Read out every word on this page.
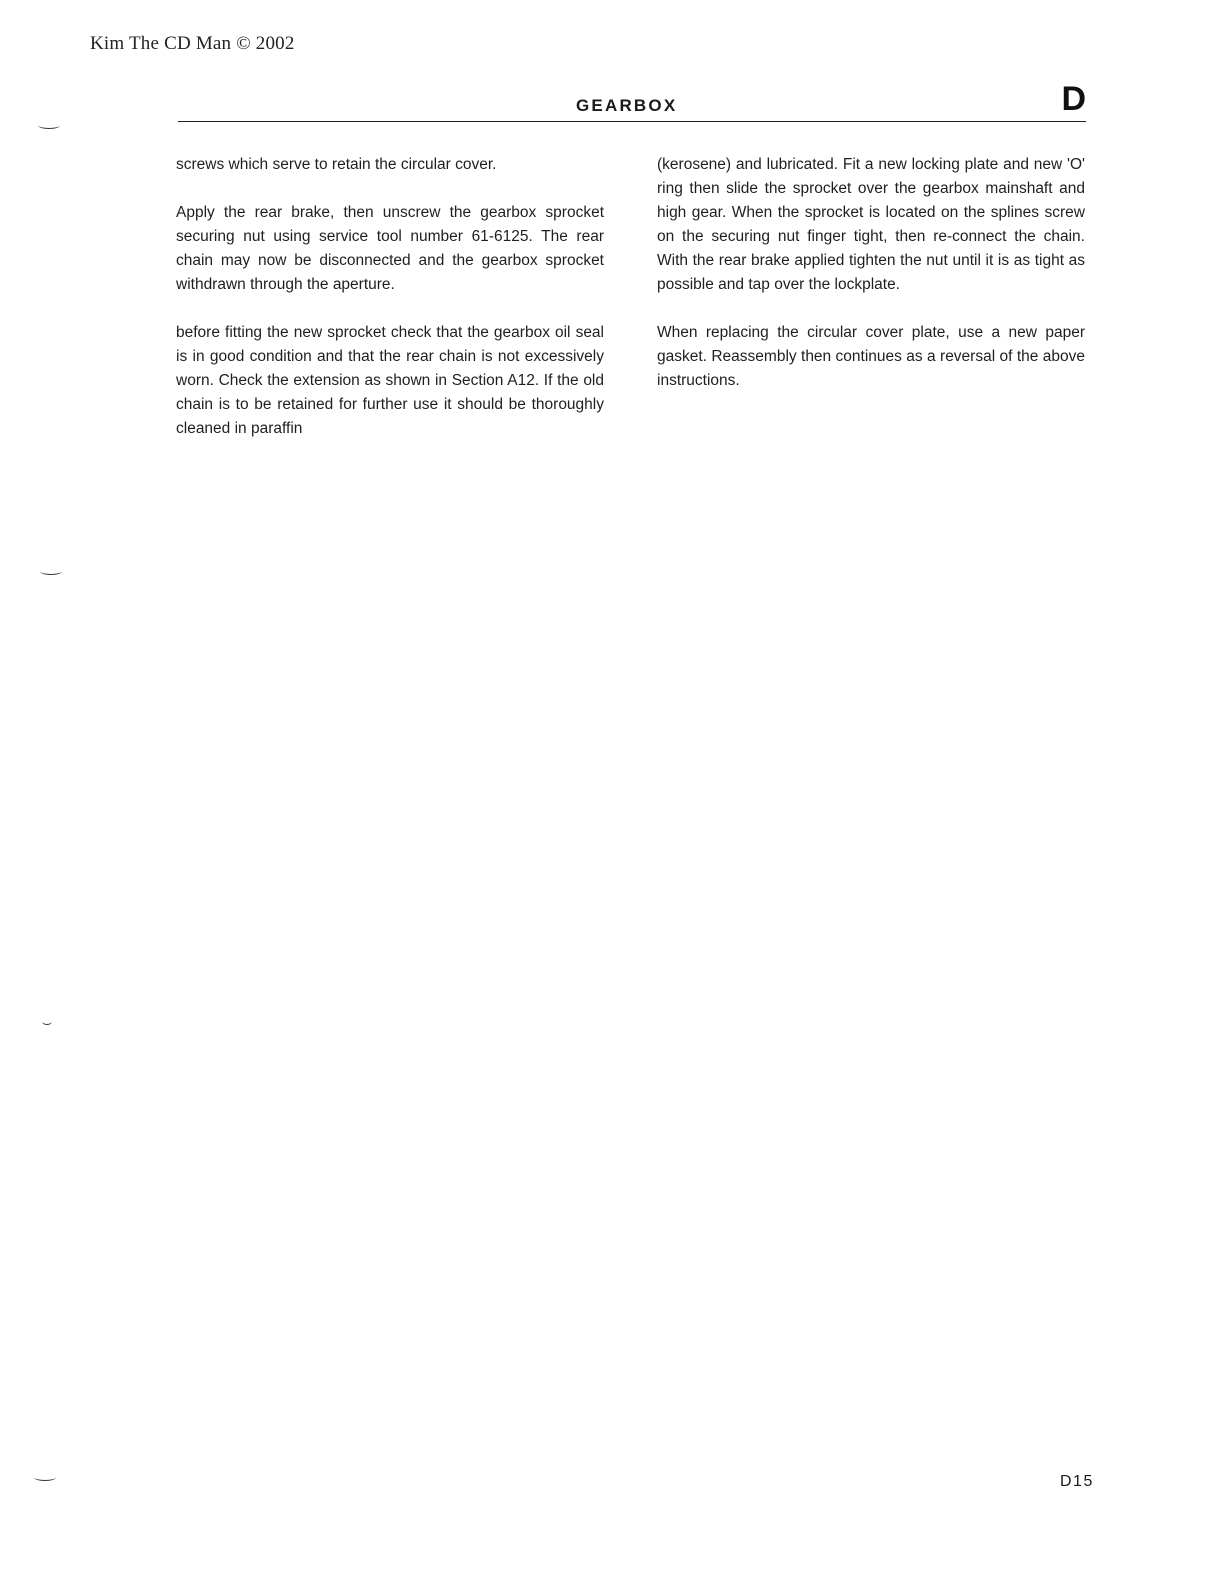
Kim The CD Man © 2002
GEARBOX	D

screws which serve to retain the circular cover.

Apply the rear brake, then unscrew the gearbox sprocket securing nut using service tool number 61-6125. The rear chain may now be disconnected and the gearbox sprocket withdrawn through the aperture.

before fitting the new sprocket check that the gearbox oil seal is in good condition and that the rear chain is not excessively worn. Check the extension as shown in Section A12. If the old chain is to be retained for further use it should be thoroughly cleaned in paraffin

(kerosene) and lubricated. Fit a new locking plate and new 'O' ring then slide the sprocket over the gearbox mainshaft and high gear. When the sprocket is located on the splines screw on the securing nut finger tight, then re-connect the chain. With the rear brake applied tighten the nut until it is as tight as possible and tap over the lockplate.

When replacing the circular cover plate, use a new paper gasket. Reassembly then continues as a reversal of the above instructions.

D15
